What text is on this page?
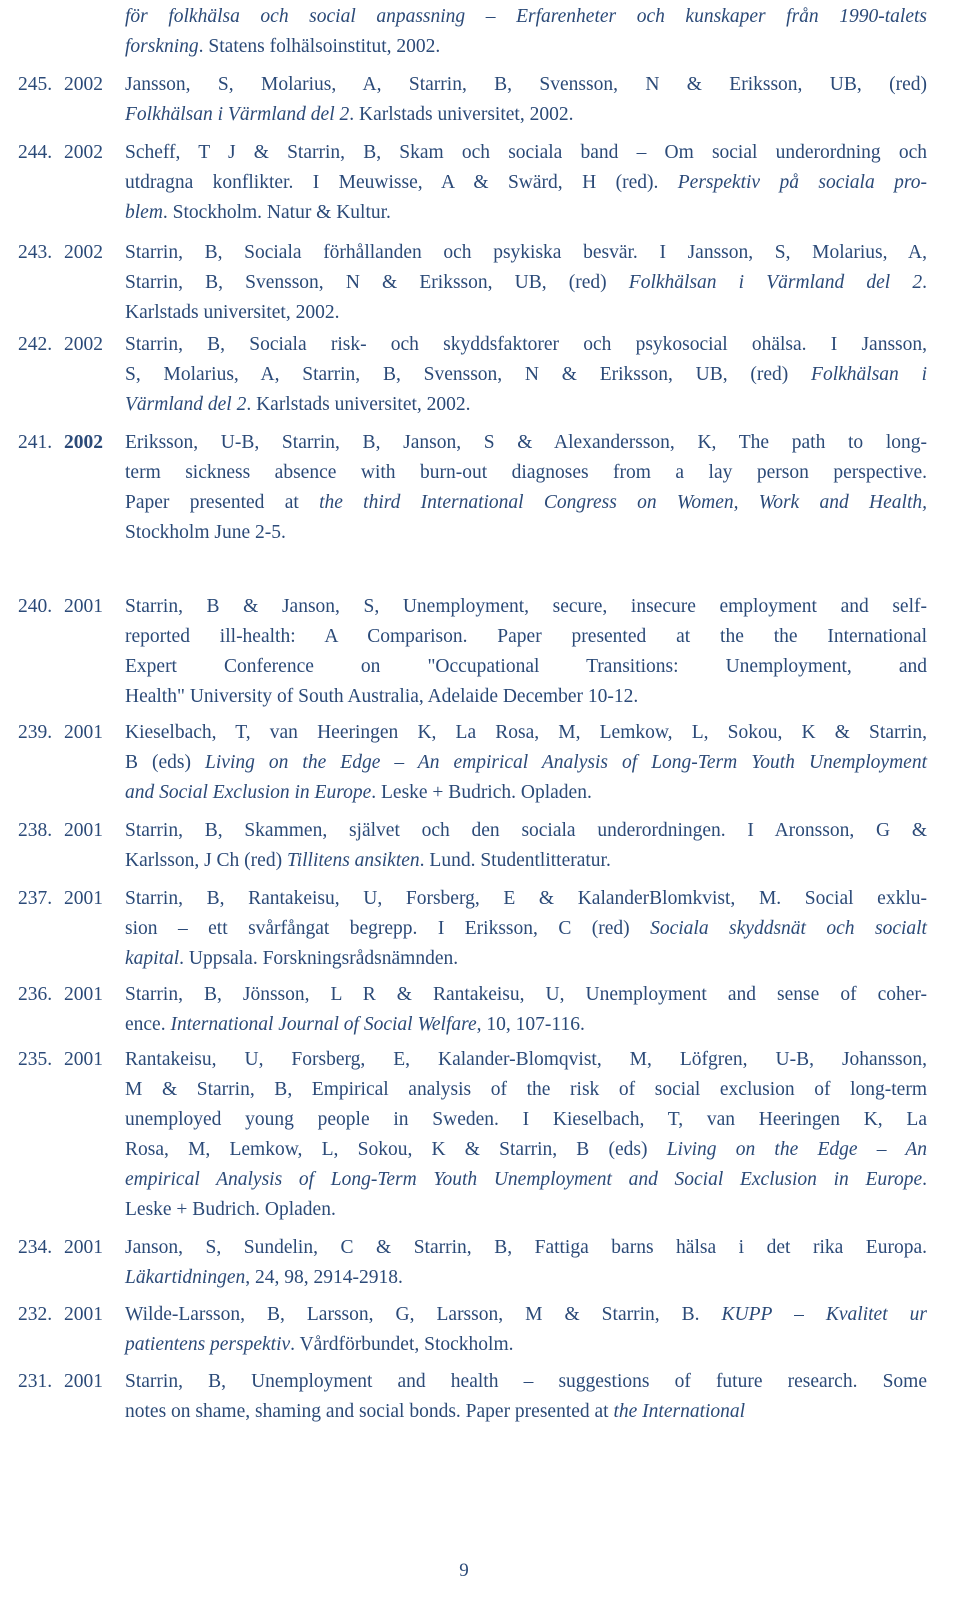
för folkhälsa och social anpassning – Erfarenheter och kunskaper från 1990-talets
forskning. Statens folhälsoinstitut, 2002.
245. 2002 Jansson, S, Molarius, A, Starrin, B, Svensson, N & Eriksson, UB, (red)
Folkhälsan i Värmland del 2. Karlstads universitet, 2002.
244. 2002 Scheff, T J & Starrin, B, Skam och sociala band – Om social underordning och
utdragna konflikter. I Meuwisse, A & Swärd, H (red). Perspektiv på sociala pro-
blem. Stockholm. Natur & Kultur.
243. 2002 Starrin, B, Sociala förhållanden och psykiska besvär. I Jansson, S, Molarius, A,
Starrin, B, Svensson, N & Eriksson, UB, (red) Folkhälsan i Värmland del 2.
Karlstads universitet, 2002.
242. 2002 Starrin, B, Sociala risk- och skyddsfaktorer och psykosocial ohälsa. I Jansson,
S, Molarius, A, Starrin, B, Svensson, N & Eriksson, UB, (red) Folkhälsan i
Värmland del 2. Karlstads universitet, 2002.
241. 2002 Eriksson, U-B, Starrin, B, Janson, S & Alexandersson, K, The path to long-
term sickness absence with burn-out diagnoses from a lay person perspective.
Paper presented at the third International Congress on Women, Work and Health,
Stockholm June 2-5.
240. 2001 Starrin, B & Janson, S, Unemployment, secure, insecure employment and self-
reported ill-health: A Comparison. Paper presented at the the International
Expert Conference on "Occupational Transitions: Unemployment, and
Health" University of South Australia, Adelaide December 10-12.
239. 2001 Kieselbach, T, van Heeringen K, La Rosa, M, Lemkow, L, Sokou, K & Starrin,
B (eds) Living on the Edge – An empirical Analysis of Long-Term Youth Unemployment
and Social Exclusion in Europe. Leske + Budrich. Opladen.
238. 2001 Starrin, B, Skammen, självet och den sociala underordningen. I Aronsson, G &
Karlsson, J Ch (red) Tillitens ansikten. Lund. Studentlitteratur.
237. 2001 Starrin, B, Rantakeisu, U, Forsberg, E & KalanderBlomkvist, M. Social exklu-
sion – ett svårfångat begrepp. I Eriksson, C (red) Sociala skyddsnät och socialt
kapital. Uppsala. Forskningsrådsnämnden.
236. 2001 Starrin, B, Jönsson, L R & Rantakeisu, U, Unemployment and sense of coher-
ence. International Journal of Social Welfare, 10, 107-116.
235. 2001 Rantakeisu, U, Forsberg, E, Kalander-Blomqvist, M, Löfgren, U-B, Johansson,
M & Starrin, B, Empirical analysis of the risk of social exclusion of long-term
unemployed young people in Sweden. I Kieselbach, T, van Heeringen K, La
Rosa, M, Lemkow, L, Sokou, K & Starrin, B (eds) Living on the Edge – An
empirical Analysis of Long-Term Youth Unemployment and Social Exclusion in Europe.
Leske + Budrich. Opladen.
234. 2001 Janson, S, Sundelin, C & Starrin, B, Fattiga barns hälsa i det rika Europa.
Läkartidningen, 24, 98, 2914-2918.
232. 2001 Wilde-Larsson, B, Larsson, G, Larsson, M & Starrin, B. KUPP – Kvalitet ur
patientens perspektiv. Vårdförbundet, Stockholm.
231. 2001 Starrin, B, Unemployment and health – suggestions of future research. Some
notes on shame, shaming and social bonds. Paper presented at the International
9
